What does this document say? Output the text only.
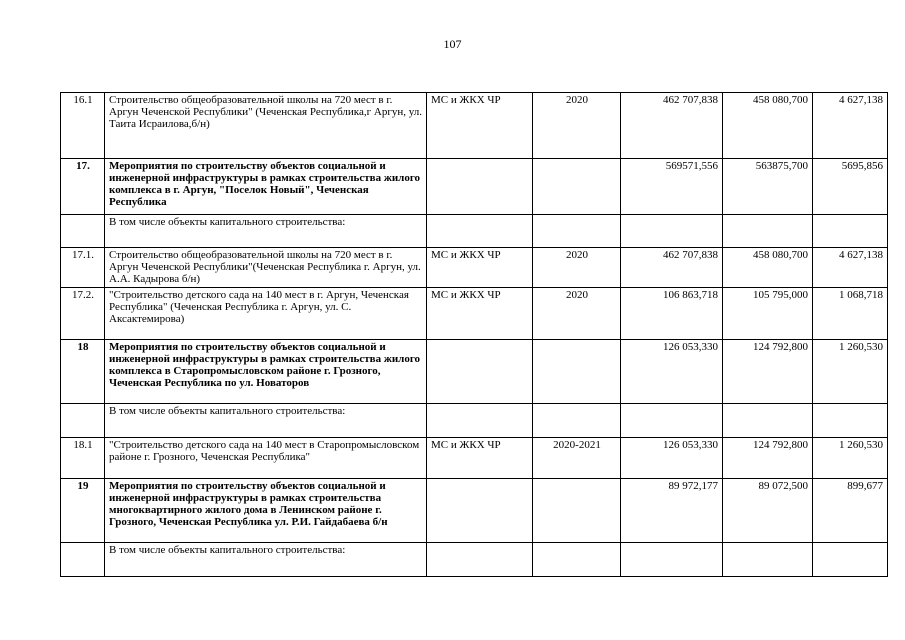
107
16.1	Строительство общеобразовательной школы на 720 мест в г. Аргун Чеченской Республики" (Чеченская Республика,г Аргун, ул. Таита Исраилова,б/н)	МС и ЖКХ ЧР	2020	462 707,838	458 080,700	4 627,138
17.	Мероприятия по строительству объектов социальной и инженерной инфраструктуры в рамках строительства жилого комплекса в г. Аргун, "Поселок Новый", Чеченская Республика			569571,556	563875,700	5695,856
	В том числе объекты капитального строительства:					
17.1.	Строительство общеобразовательной школы на 720 мест в г. Аргун Чеченской Республики"(Чеченская Республика г. Аргун, ул. А.А. Кадырова б/н)	МС и ЖКХ ЧР	2020	462 707,838	458 080,700	4 627,138
17.2.	"Строительство детского сада на 140 мест в г. Аргун, Чеченская Республика" (Чеченская Республика г. Аргун, ул. С. Аксактемирова)	МС и ЖКХ ЧР	2020	106 863,718	105 795,000	1 068,718
18	Мероприятия по строительству объектов социальной и инженерной инфраструктуры в рамках строительства жилого комплекса в Старопромысловском районе г. Грозного, Чеченская Республика по ул. Новаторов			126 053,330	124 792,800	1 260,530
	В том числе объекты капитального строительства:					
18.1	"Строительство детского сада на 140 мест в Старопромысловском районе г. Грозного, Чеченская Республика"	МС и ЖКХ ЧР	2020-2021	126 053,330	124 792,800	1 260,530
19	Мероприятия по строительству объектов социальной и инженерной инфраструктуры в рамках строительства многоквартирного жилого дома в Ленинском районе г. Грозного, Чеченская Республика ул. Р.И. Гайдабаева б/н			89 972,177	89 072,500	899,677
	В том числе объекты капитального строительства:					
